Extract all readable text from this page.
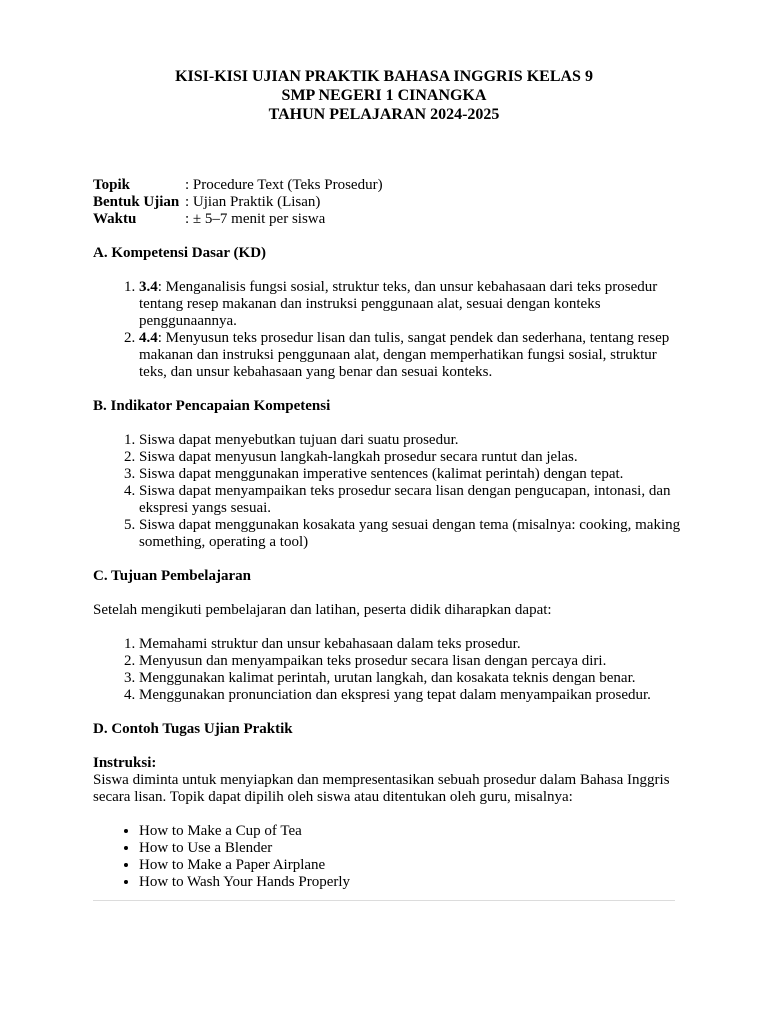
KISI-KISI UJIAN PRAKTIK BAHASA INGGRIS KELAS 9
SMP NEGERI 1 CINANGKA
TAHUN PELAJARAN 2024-2025
Topik	: Procedure Text (Teks Prosedur)
Bentuk Ujian	: Ujian Praktik (Lisan)
Waktu	: ± 5–7 menit per siswa
A. Kompetensi Dasar (KD)
1. 3.4: Menganalisis fungsi sosial, struktur teks, dan unsur kebahasaan dari teks prosedur tentang resep makanan dan instruksi penggunaan alat, sesuai dengan konteks penggunaannya.
2. 4.4: Menyusun teks prosedur lisan dan tulis, sangat pendek dan sederhana, tentang resep makanan dan instruksi penggunaan alat, dengan memperhatikan fungsi sosial, struktur teks, dan unsur kebahasaan yang benar dan sesuai konteks.
B. Indikator Pencapaian Kompetensi
1. Siswa dapat menyebutkan tujuan dari suatu prosedur.
2. Siswa dapat menyusun langkah-langkah prosedur secara runtut dan jelas.
3. Siswa dapat menggunakan imperative sentences (kalimat perintah) dengan tepat.
4. Siswa dapat menyampaikan teks prosedur secara lisan dengan pengucapan, intonasi, dan ekspresi yangs sesuai.
5. Siswa dapat menggunakan kosakata yang sesuai dengan tema (misalnya: cooking, making something, operating a tool)
C. Tujuan Pembelajaran

Setelah mengikuti pembelajaran dan latihan, peserta didik diharapkan dapat:

1. Memahami struktur dan unsur kebahasaan dalam teks prosedur.
2. Menyusun dan menyampaikan teks prosedur secara lisan dengan percaya diri.
3. Menggunakan kalimat perintah, urutan langkah, dan kosakata teknis dengan benar.
4. Menggunakan pronunciation dan ekspresi yang tepat dalam menyampaikan prosedur.
D. Contoh Tugas Ujian Praktik
Instruksi:

Siswa diminta untuk menyiapkan dan mempresentasikan sebuah prosedur dalam Bahasa Inggris secara lisan. Topik dapat dipilih oleh siswa atau ditentukan oleh guru, misalnya:

• How to Make a Cup of Tea
• How to Use a Blender
• How to Make a Paper Airplane
• How to Wash Your Hands Properly
